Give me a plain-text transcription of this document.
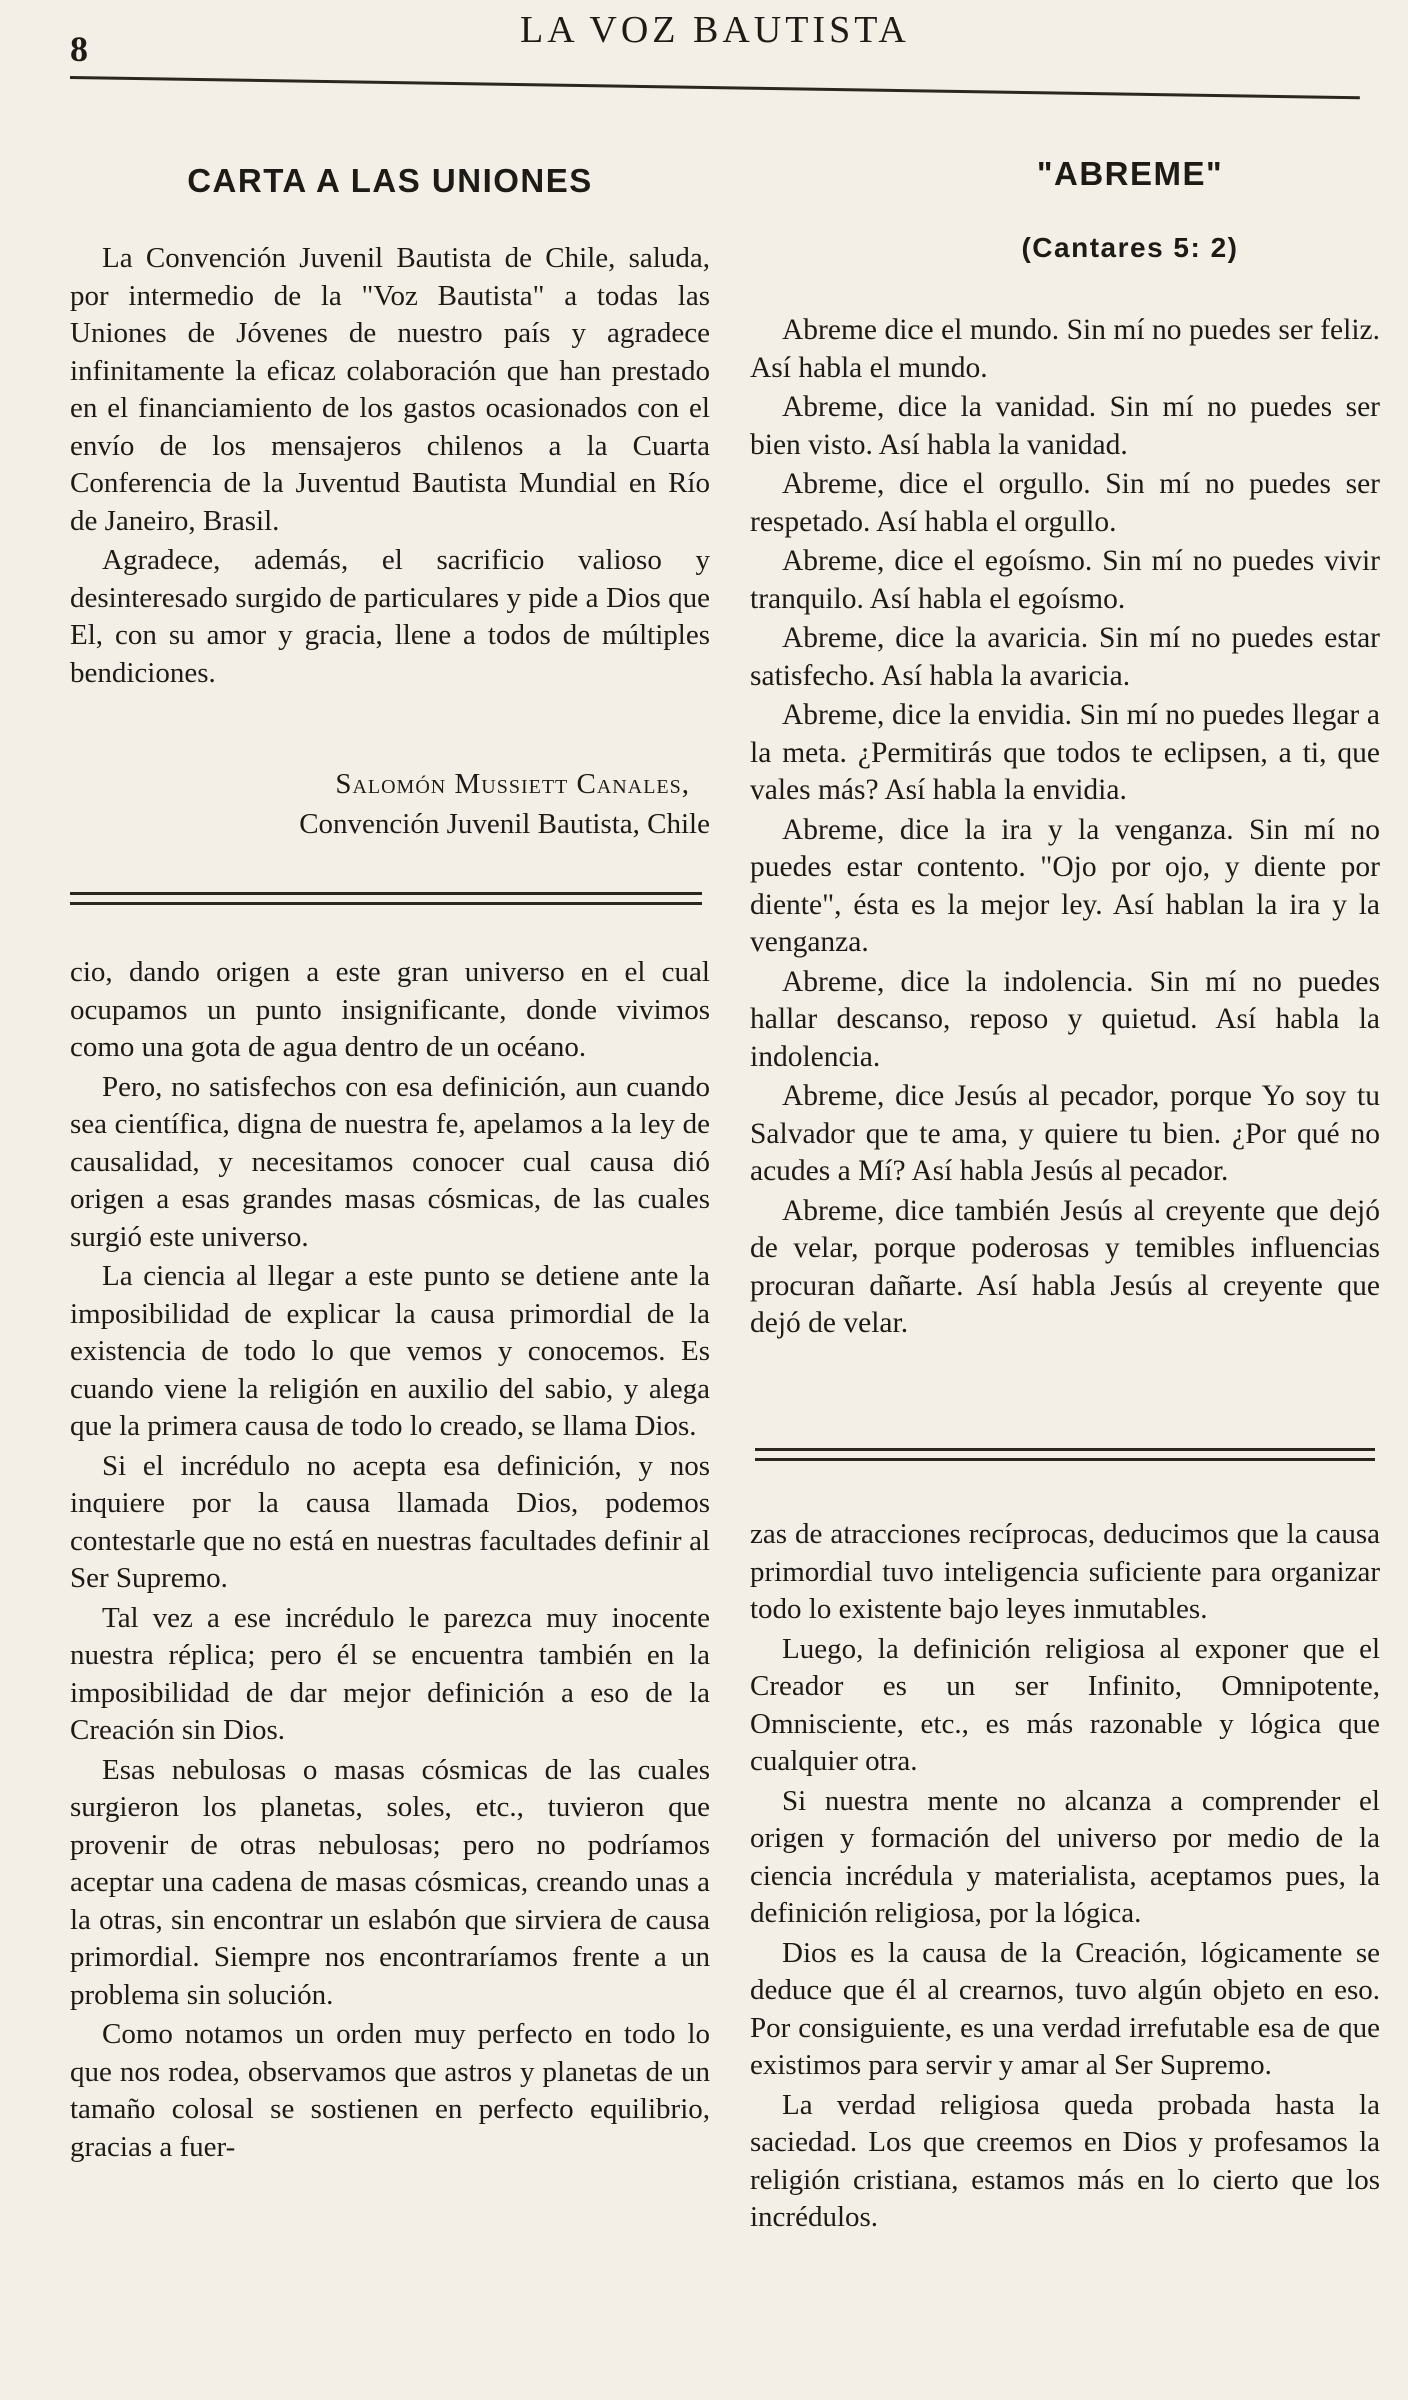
8	LA VOZ BAUTISTA
CARTA A LAS UNIONES

La Convención Juvenil Bautista de Chile, saluda, por intermedio de la "Voz Bautista" a todas las Uniones de Jóvenes de nuestro país y agradece infinitamente la eficaz colaboración que han prestado en el financiamiento de los gastos ocasionados con el envío de los mensajeros chilenos a la Cuarta Conferencia de la Juventud Bautista Mundial en Río de Janeiro, Brasil.

Agradece, además, el sacrificio valioso y desinteresado surgido de particulares y pide a Dios que El, con su amor y gracia, llene a todos de múltiples bendiciones.

Salomón Mussiett Canales,
Convención Juvenil Bautista, Chile
"ABREME"
(Cantares 5: 2)

Abreme dice el mundo. Sin mí no puedes ser feliz. Así habla el mundo.

Abreme, dice la vanidad. Sin mí no puedes ser bien visto. Así habla la vanidad.

Abreme, dice el orgullo. Sin mí no puedes ser respetado. Así habla el orgullo.

Abreme, dice el egoísmo. Sin mí no puedes vivir tranquilo. Así habla el egoísmo.

Abreme, dice la avaricia. Sin mí no puedes estar satisfecho. Así habla la avaricia.

Abreme, dice la envidia. Sin mí no puedes llegar a la meta. ¿Permitirás que todos te eclipsen, a ti, que vales más? Así habla la envidia.

Abreme, dice la ira y la venganza. Sin mí no puedes estar contento. "Ojo por ojo, y diente por diente", ésta es la mejor ley. Así hablan la ira y la venganza.

Abreme, dice la indolencia. Sin mí no puedes hallar descanso, reposo y quietud. Así habla la indolencia.

Abreme, dice Jesús al pecador, porque Yo soy tu Salvador que te ama, y quiere tu bien. ¿Por qué no acudes a Mí? Así habla Jesús al pecador.

Abreme, dice también Jesús al creyente que dejó de velar, porque poderosas y temibles influencias procuran dañarte. Así habla Jesús al creyente que dejó de velar.

cio, dando origen a este gran universo en el cual ocupamos un punto insignificante, donde vivimos como una gota de agua dentro de un océano.

Pero, no satisfechos con esa definición, aun cuando sea científica, digna de nuestra fe, apelamos a la ley de causalidad, y necesitamos conocer cual causa dió origen a esas grandes masas cósmicas, de las cuales surgió este universo.

La ciencia al llegar a este punto se detiene ante la imposibilidad de explicar la causa primordial de la existencia de todo lo que vemos y conocemos. Es cuando viene la religión en auxilio del sabio, y alega que la primera causa de todo lo creado, se llama Dios.

Si el incrédulo no acepta esa definición, y nos inquiere por la causa llamada Dios, podemos contestarle que no está en nuestras facultades definir al Ser Supremo.

Tal vez a ese incrédulo le parezca muy inocente nuestra réplica; pero él se encuentra también en la imposibilidad de dar mejor definición a eso de la Creación sin Dios.

Esas nebulosas o masas cósmicas de las cuales surgieron los planetas, soles, etc., tuvieron que provenir de otras nebulosas; pero no podríamos aceptar una cadena de masas cósmicas, creando unas a la otras, sin encontrar un eslabón que sirviera de causa primordial. Siempre nos encontraríamos frente a un problema sin solución.

Como notamos un orden muy perfecto en todo lo que nos rodea, observamos que astros y planetas de un tamaño colosal se sostienen en perfecto equilibrio, gracias a fuer-

zas de atracciones recíprocas, deducimos que la causa primordial tuvo inteligencia suficiente para organizar todo lo existente bajo leyes inmutables.

Luego, la definición religiosa al exponer que el Creador es un ser Infinito, Omnipotente, Omnisciente, etc., es más razonable y lógica que cualquier otra.

Si nuestra mente no alcanza a comprender el origen y formación del universo por medio de la ciencia incrédula y materialista, aceptamos pues, la definición religiosa, por la lógica.

Dios es la causa de la Creación, lógicamente se deduce que él al crearnos, tuvo algún objeto en eso. Por consiguiente, es una verdad irrefutable esa de que existimos para servir y amar al Ser Supremo.

La verdad religiosa queda probada hasta la saciedad. Los que creemos en Dios y profesamos la religión cristiana, estamos más en lo cierto que los incrédulos.
